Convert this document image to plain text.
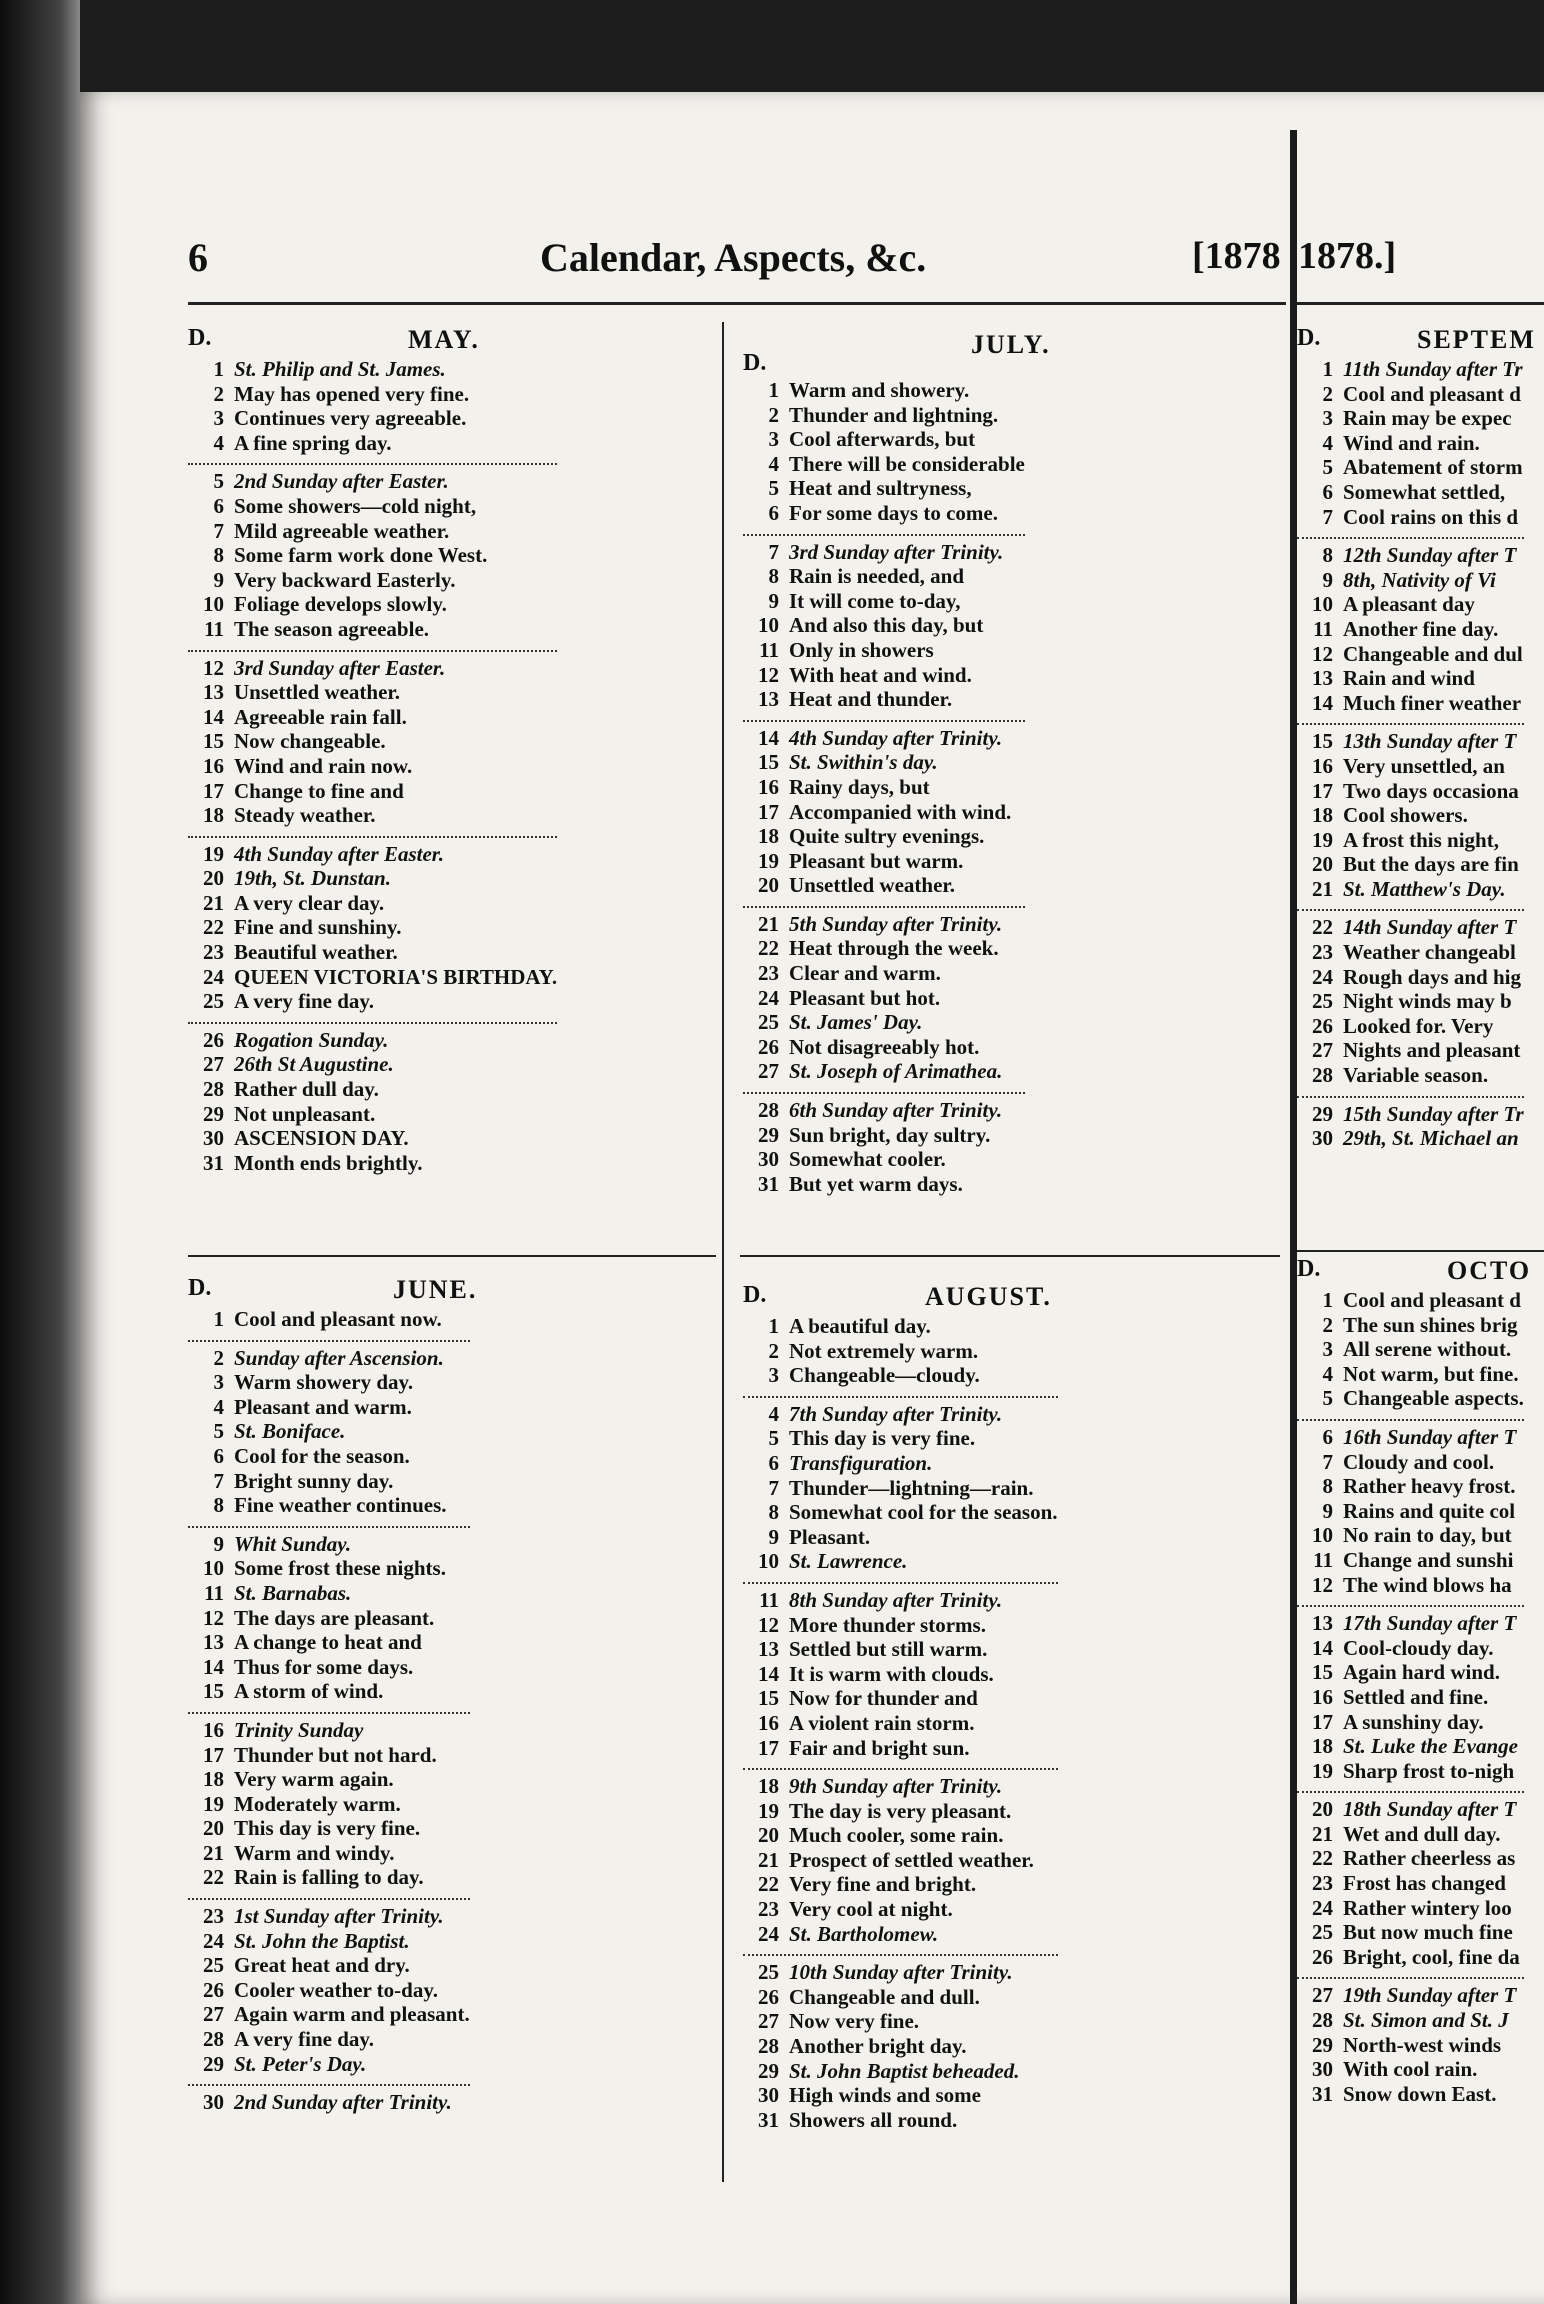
6	Calendar, Aspects, &c.	[1878 1878.]
D.	MAY.
1 St. Philip and St. James.
2 May has opened very fine.
3 Continues very agreeable.
4 A fine spring day.
5 2nd Sunday after Easter.
6 Some showers—cold night,
7 Mild agreeable weather.
8 Some farm work done West.
9 Very backward Easterly.
10 Foliage develops slowly.
11 The season agreeable.
12 3rd Sunday after Easter.
13 Unsettled weather.
14 Agreeable rain fall.
15 Now changeable.
16 Wind and rain now.
17 Change to fine and
18 Steady weather.
19 4th Sunday after Easter.
20 19th, St. Dunstan.
21 A very clear day.
22 Fine and sunshiny.
23 Beautiful weather.
24 QUEEN VICTORIA'S BIRTHDAY.
25 A very fine day.
26 Rogation Sunday.
27 26th St Augustine.
28 Rather dull day.
29 Not unpleasant.
30 ASCENSION DAY.
31 Month ends brightly.
D.	JUNE.
1 Cool and pleasant now.
2 Sunday after Ascension.
3 Warm showery day.
4 Pleasant and warm.
5 St. Boniface.
6 Cool for the season.
7 Bright sunny day.
8 Fine weather continues.
9 Whit Sunday.
10 Some frost these nights.
11 St. Barnabas.
12 The days are pleasant.
13 A change to heat and
14 Thus for some days.
15 A storm of wind.
16 Trinity Sunday
17 Thunder but not hard.
18 Very warm again.
19 Moderately warm.
20 This day is very fine.
21 Warm and windy.
22 Rain is falling to day.
23 1st Sunday after Trinity.
24 St. John the Baptist.
25 Great heat and dry.
26 Cooler weather to-day.
27 Again warm and pleasant.
28 A very fine day.
29 St. Peter's Day.
30 2nd Sunday after Trinity.
D.
JULY.
1 Warm and showery.
2 Thunder and lightning.
3 Cool afterwards, but
4 There will be considerable
5 Heat and sultryness,
6 For some days to come.
7 3rd Sunday after Trinity.
8 Rain is needed, and
9 It will come to-day,
10 And also this day, but
11 Only in showers
12 With heat and wind.
13 Heat and thunder.
14 4th Sunday after Trinity.
15 St. Swithin's day.
16 Rainy days, but
17 Accompanied with wind.
18 Quite sultry evenings.
19 Pleasant but warm.
20 Unsettled weather.
21 5th Sunday after Trinity.
22 Heat through the week.
23 Clear and warm.
24 Pleasant but hot.
25 St. James' Day.
26 Not disagreeably hot.
27 St. Joseph of Arimathea.
28 6th Sunday after Trinity.
29 Sun bright, day sultry.
30 Somewhat cooler.
31 But yet warm days.
D.	AUGUST.
1 A beautiful day.
2 Not extremely warm.
3 Changeable—cloudy.
4 7th Sunday after Trinity.
5 This day is very fine.
6 Transfiguration.
7 Thunder—lightning—rain.
8 Somewhat cool for the season.
9 Pleasant.
10 St. Lawrence.
11 8th Sunday after Trinity.
12 More thunder storms.
13 Settled but still warm.
14 It is warm with clouds.
15 Now for thunder and
16 A violent rain storm.
17 Fair and bright sun.
18 9th Sunday after Trinity.
19 The day is very pleasant.
20 Much cooler, some rain.
21 Prospect of settled weather.
22 Very fine and bright.
23 Very cool at night.
24 St. Bartholomew.
25 10th Sunday after Trinity.
26 Changeable and dull.
27 Now very fine.
28 Another bright day.
29 St. John Baptist beheaded.
30 High winds and some
31 Showers all round.
D.	SEPTEM
1 11th Sunday after Tr
2 Cool and pleasant d
3 Rain may be expec
4 Wind and rain.
5 Abatement of storm
6 Somewhat settled,
7 Cool rains on this d
8 12th Sunday after T
9 8th, Nativity of Vi
10 A pleasant day
11 Another fine day.
12 Changeable and dul
13 Rain and wind
14 Much finer weather
15 13th Sunday after T
16 Very unsettled, an
17 Two days occasiona
18 Cool showers.
19 A frost this night,
20 But the days are fin
21 St. Matthew's Day.
22 14th Sunday after T
23 Weather changeabl
24 Rough days and hig
25 Night winds may b
26 Looked for. Very
27 Nights and pleasant
28 Variable season.
29 15th Sunday after Tr
30 29th, St. Michael an
D.	OCTO
1 Cool and pleasant d
2 The sun shines brig
3 All serene without.
4 Not warm, but fine.
5 Changeable aspects.
6 16th Sunday after T
7 Cloudy and cool.
8 Rather heavy frost.
9 Rains and quite col
10 No rain to day, but
11 Change and sunshi
12 The wind blows ha
13 17th Sunday after T
14 Cool-cloudy day.
15 Again hard wind.
16 Settled and fine.
17 A sunshiny day.
18 St. Luke the Evange
19 Sharp frost to-nigh
20 18th Sunday after T
21 Wet and dull day.
22 Rather cheerless as
23 Frost has changed
24 Rather wintery loo
25 But now much fine
26 Bright, cool, fine da
27 19th Sunday after T
28 St. Simon and St. J
29 North-west winds
30 With cool rain.
31 Snow down East.
